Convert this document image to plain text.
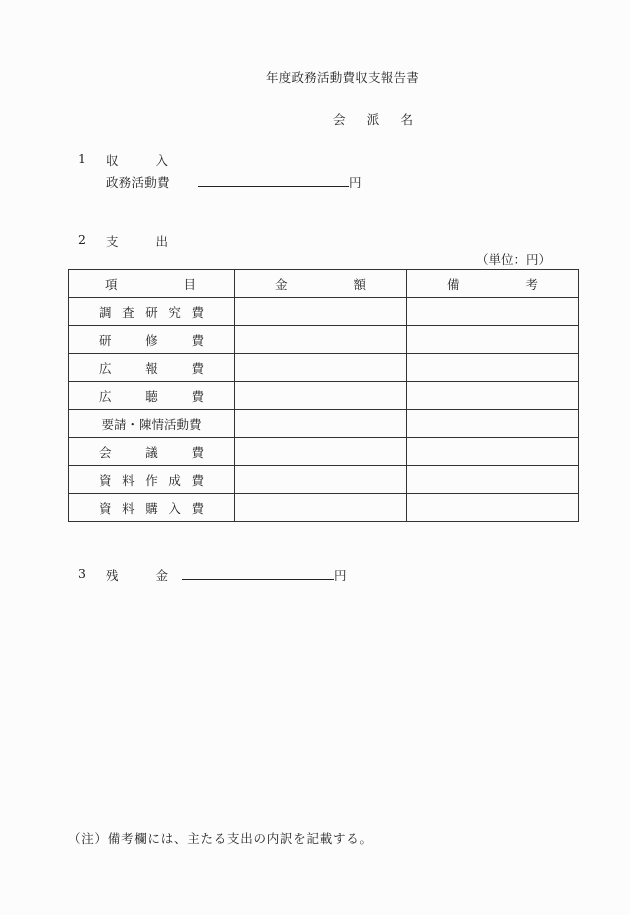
年度政務活動費収支報告書
会 派 名
1 収	入
政務活動費	円
2 支	出
（単位：円）
項 目	金 額	備 考

調 査 研 究 費		

研 修 費		

広 報 費		

広 聴 費		

要請・陳情活動費		

会 議 費		

資 料 作 成 費		

資 料 購 入 費		

3 残	金	円
（注）備考欄には、主たる支出の内訳を記載する。
